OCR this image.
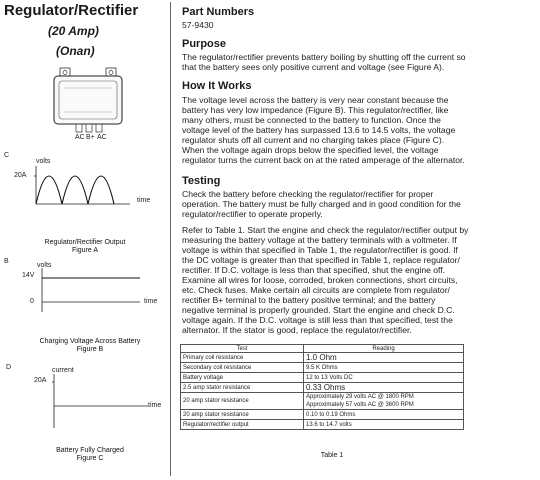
Regulator/Rectifier
(20 Amp)
(Onan)
AC B+ AC
C
volts
20A
time
Regulator/Rectifier Output
Figure A
B
volts
14V
0	time
Charging Voltage Across Battery
Figure B
D	current
20A
time
Battery Fully Charged
Figure C
Part Numbers
57-9430
Purpose
The regulator/rectifier prevents battery boiling by shutting off the current so
that the battery sees only positive current and voltage (see Figure A).
How It Works
The voltage level across the battery is very near constant because the
battery has very low impedance (Figure B). This regulator/rectifier, like
many others, must be connected to the battery to function. Once the
voltage level of the battery has surpassed 13.6 to 14.5 volts, the voltage
regulator shuts off all current and no charging takes place (Figure C).
When the voltage again drops below the specified level, the voltage
regulator turns the current back on at the rated amperage of the alternator.
Testing
Check the battery before checking the regulator/rectifier for proper
operation. The battery must be fully charged and in good condition for the
regulator/rectifier to operate properly.
Refer to Table 1. Start the engine and check the regulator/rectifier output by
measuring the battery voltage at the battery terminals with a voltmeter. If
voltage is within that specified in Table 1, the regulator/rectifier is good. If
the DC voltage is greater than that specified in Table 1, replace regulator/
rectifier. If D.C. voltage is less than that specified, shut the engine off.
Examine all wires for loose, corroded, broken connections, short circuits,
etc. Check fuses. Make certain all circuits are complete from regulator/
rectifier B+ terminal to the battery positive terminal; and the battery
negative terminal is properly grounded. Start the engine and check D.C.
voltage again. If the D.C. voltage is still less than that specified, test the
alternator. If the stator is good, replace the regulator/rectifier.
Test	Reading
Primary coil resistance	1.0 Ohm
Secondary coil resistance	9.5 K Ohms
Battery voltage	12 to 13 Volts DC
2.5 amp stator resistance	0.33 Ohms
20 amp stator resistance	Approximately 29 volts AC @ 1800 RPM
	Approximately 57 volts AC @ 3600 RPM
20 amp stator resistance	0.10 to 0.19 Ohms
Regulator/rectifier output	13.6 to 14.7 volts
Table 1
